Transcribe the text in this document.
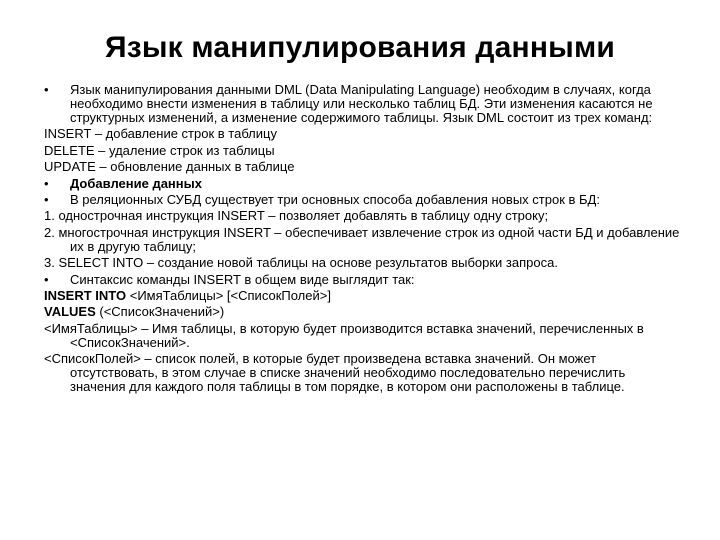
Язык манипулирования данными
•	Язык манипулирования данными DML (Data Manipulating Language) необходим в случаях, когда необходимо внести изменения в таблицу или несколько таблиц БД. Эти изменения касаются не структурных изменений, а изменение содержимого таблицы. Язык DML состоит из трех команд:
INSERT – добавление строк в таблицу
DELETE – удаление строк из таблицы
UPDATE – обновление данных в таблице
•	Добавление данных
•	В реляционных СУБД существует три основных способа добавления новых строк в БД:
1. однострочная инструкция INSERT – позволяет добавлять в таблицу одну строку;
2. многострочная инструкция INSERT – обеспечивает извлечение строк из одной части БД и добавление их в другую таблицу;
3. SELECT INTO – создание новой таблицы на основе результатов выборки запроса.
•	Синтаксис команды INSERT в общем виде выглядит так:
INSERT INTO <ИмяТаблицы> [<СписокПолей>]
VALUES (<СписокЗначений>)
<ИмяТаблицы> – Имя таблицы, в которую будет производится вставка значений, перечисленных в <СписокЗначений>.
<СписокПолей> – список полей, в которые будет произведена вставка значений. Он может отсутствовать, в этом случае в списке значений необходимо последовательно перечислить значения для каждого поля таблицы в том порядке, в котором они расположены в таблице.
